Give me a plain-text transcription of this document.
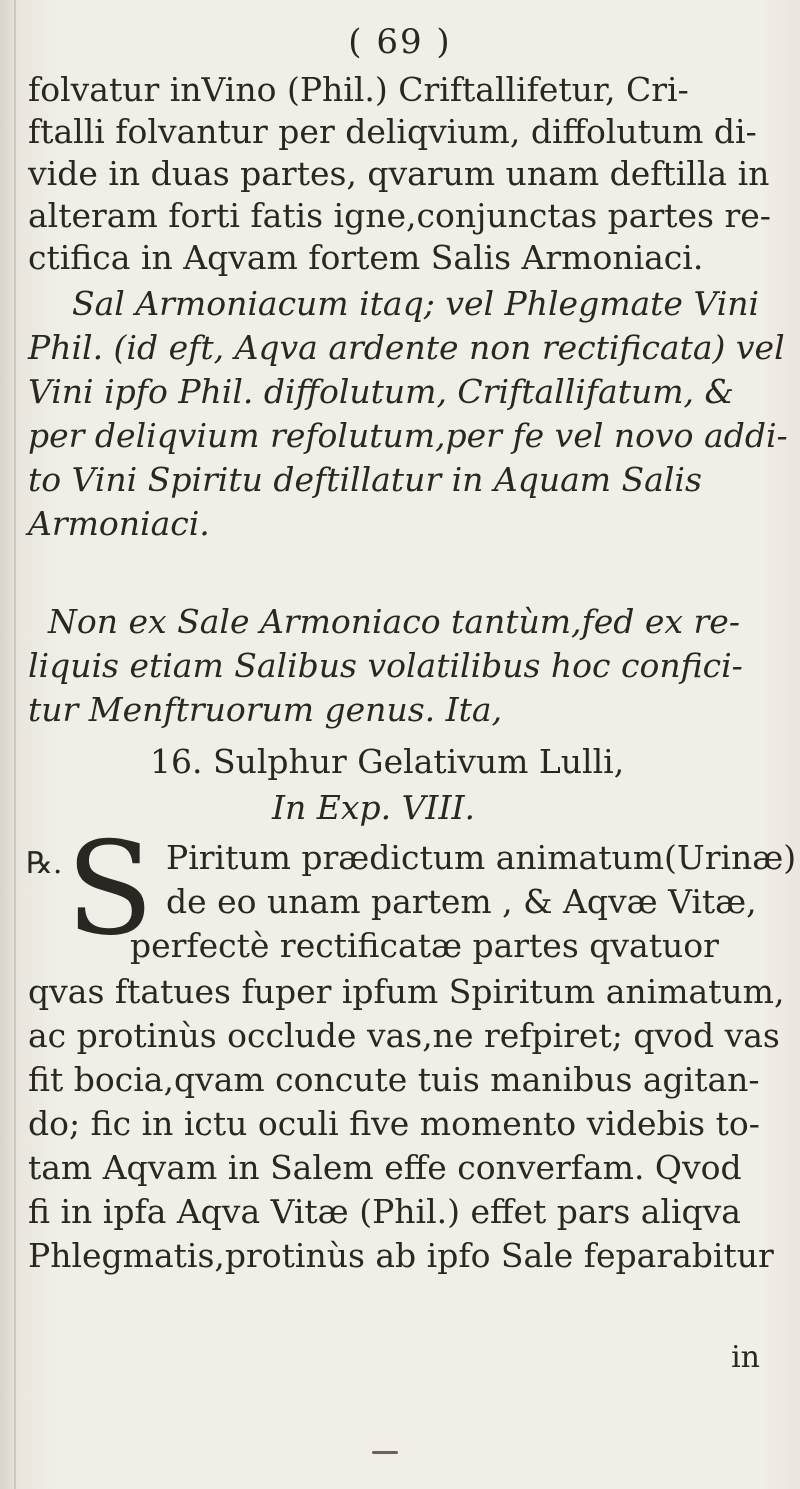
( 69 )
folvatur inVino (Phil.) Criftallifetur, Cri-
ftalli folvantur per deliqvium, diffolutum di-
vide in duas partes, qvarum unam deftilla in
alteram forti fatis igne,conjunctas partes re-
ctifica in Aqvam fortem Salis Armoniaci.
Sal Armoniacum itaq; vel Phlegmate Vini
Phil. (id eft, Aqva ardente non rectificata) vel
Vini ipfo Phil. diffolutum, Criftallifatum, &
per deliqvium refolutum,per fe vel novo addi-
to Vini Spiritu deftillatur in Aquam Salis
Armoniaci.
Non ex Sale Armoniaco tantùm,fed ex re-
liquis etiam Salibus volatilibus hoc confici-
tur Menftruorum genus. Ita,
16. Sulphur Gelativum Lulli,
In Exp. VIII.
℞. S Piritum prædictum animatum(Urinæ)
de eo unam partem , & Aqvæ Vitæ,
perfectè rectificatæ partes qvatuor
qvas ftatues fuper ipfum Spiritum animatum,
ac protinùs occlude vas,ne refpiret; qvod vas
fit bocia,qvam concute tuis manibus agitan-
do; fic in ictu oculi five momento videbis to-
tam Aqvam in Salem effe converfam. Qvod
fi in ipfa Aqva Vitæ (Phil.) effet pars aliqva
Phlegmatis,protinùs ab ipfo Sale feparabitur
in
